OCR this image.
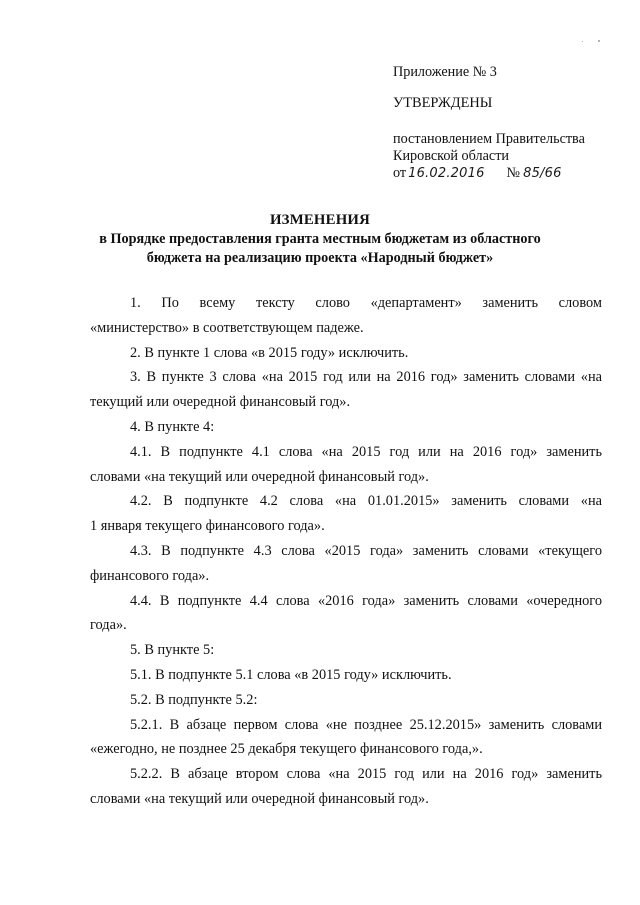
Приложение № 3
УТВЕРЖДЕНЫ
постановлением Правительства
Кировской области
от 16.02.2016 № 85/66
ИЗМЕНЕНИЯ
в Порядке предоставления гранта местным бюджетам из областного
бюджета на реализацию проекта «Народный бюджет»

1. По всему тексту слово «департамент» заменить словом
«министерство» в соответствующем падеже.

2. В пункте 1 слова «в 2015 году» исключить.

3. В пункте 3 слова «на 2015 год или на 2016 год» заменить словами «на
текущий или очередной финансовый год».

4. В пункте 4:

4.1. В подпункте 4.1 слова «на 2015 год или на 2016 год» заменить
словами «на текущий или очередной финансовый год».

4.2. В подпункте 4.2 слова «на 01.01.2015» заменить словами «на
1 января текущего финансового года».

4.3. В подпункте 4.3 слова «2015 года» заменить словами «текущего
финансового года».

4.4. В подпункте 4.4 слова «2016 года» заменить словами «очередного
года».

5. В пункте 5:

5.1. В подпункте 5.1 слова «в 2015 году» исключить.

5.2. В подпункте 5.2:

5.2.1. В абзаце первом слова «не позднее 25.12.2015» заменить словами
«ежегодно, не позднее 25 декабря текущего финансового года,».

5.2.2. В абзаце втором слова «на 2015 год или на 2016 год» заменить
словами «на текущий или очередной финансовый год».
